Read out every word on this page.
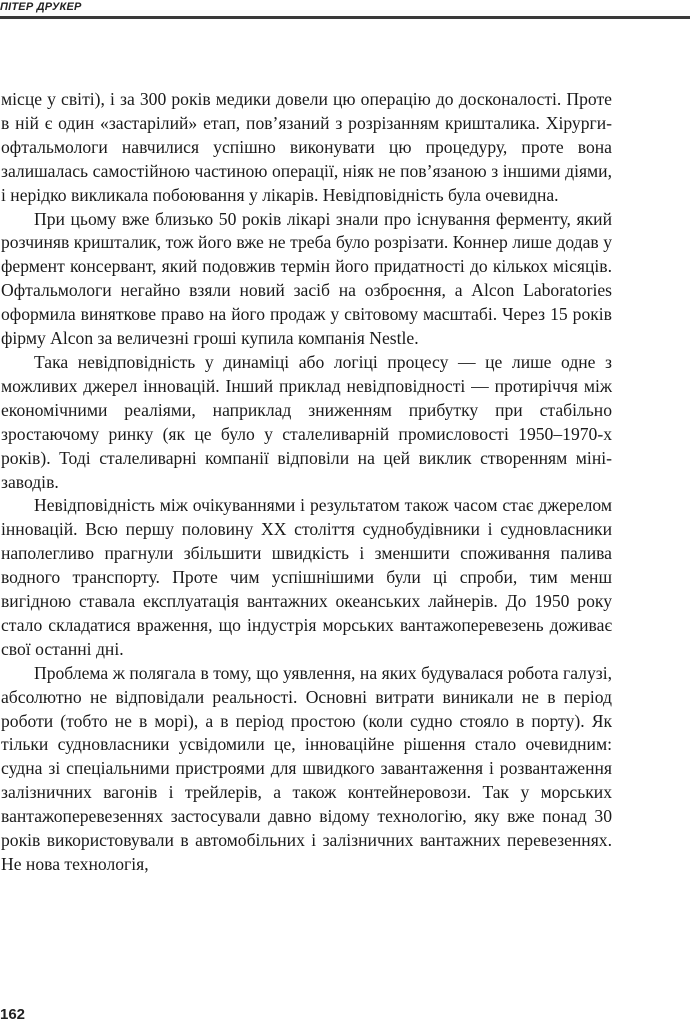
ПІТЕР ДРУКЕР

місце у світі), і за 300 років медики довели цю операцію до досконалості. Проте в ній є один «застарілий» етап, пов’язаний з розрізанням кришталика. Хірурги-офтальмологи навчилися успішно виконувати цю процедуру, проте вона залишалась самостійною частиною операції, ніяк не пов’язаною з іншими діями, і нерідко викликала побоювання у лікарів. Невідповідність була очевидна.

При цьому вже близько 50 років лікарі знали про існування ферменту, який розчиняв кришталик, тож його вже не треба було розрізати. Коннер лише додав у фермент консервант, який подовжив термін його придатності до кількох місяців. Офтальмологи негайно взяли новий засіб на озброєння, а Alcon Laboratories оформила виняткове право на його продаж у світовому масштабі. Через 15 років фірму Alcon за величезні гроші купила компанія Nestle.

Така невідповідність у динаміці або логіці процесу — це лише одне з можливих джерел інновацій. Інший приклад невідповідності — протиріччя між економічними реаліями, наприклад зниженням прибутку при стабільно зростаючому ринку (як це було у сталеливарній промисловості 1950–1970-х років). Тоді сталеливарні компанії відповіли на цей виклик створенням міні-заводів.

Невідповідність між очікуваннями і результатом також часом стає джерелом інновацій. Всю першу половину XX століття суднобудівники і судновласники наполегливо прагнули збільшити швидкість і зменшити споживання палива водного транспорту. Проте чим успішнішими були ці спроби, тим менш вигідною ставала експлуатація вантажних океанських лайнерів. До 1950 року стало складатися враження, що індустрія морських вантажоперевезень доживає свої останні дні.

Проблема ж полягала в тому, що уявлення, на яких будувалася робота галузі, абсолютно не відповідали реальності. Основні витрати виникали не в період роботи (тобто не в морі), а в період простою (коли судно стояло в порту). Як тільки судновласники усвідомили це, інноваційне рішення стало очевидним: судна зі спеціальними пристроями для швидкого завантаження і розвантаження залізничних вагонів і трейлерів, а також контейнеровози. Так у морських вантажоперевезеннях застосували давно відому технологію, яку вже понад 30 років використовували в автомобільних і залізничних вантажних перевезеннях. Не нова технологія,

162
